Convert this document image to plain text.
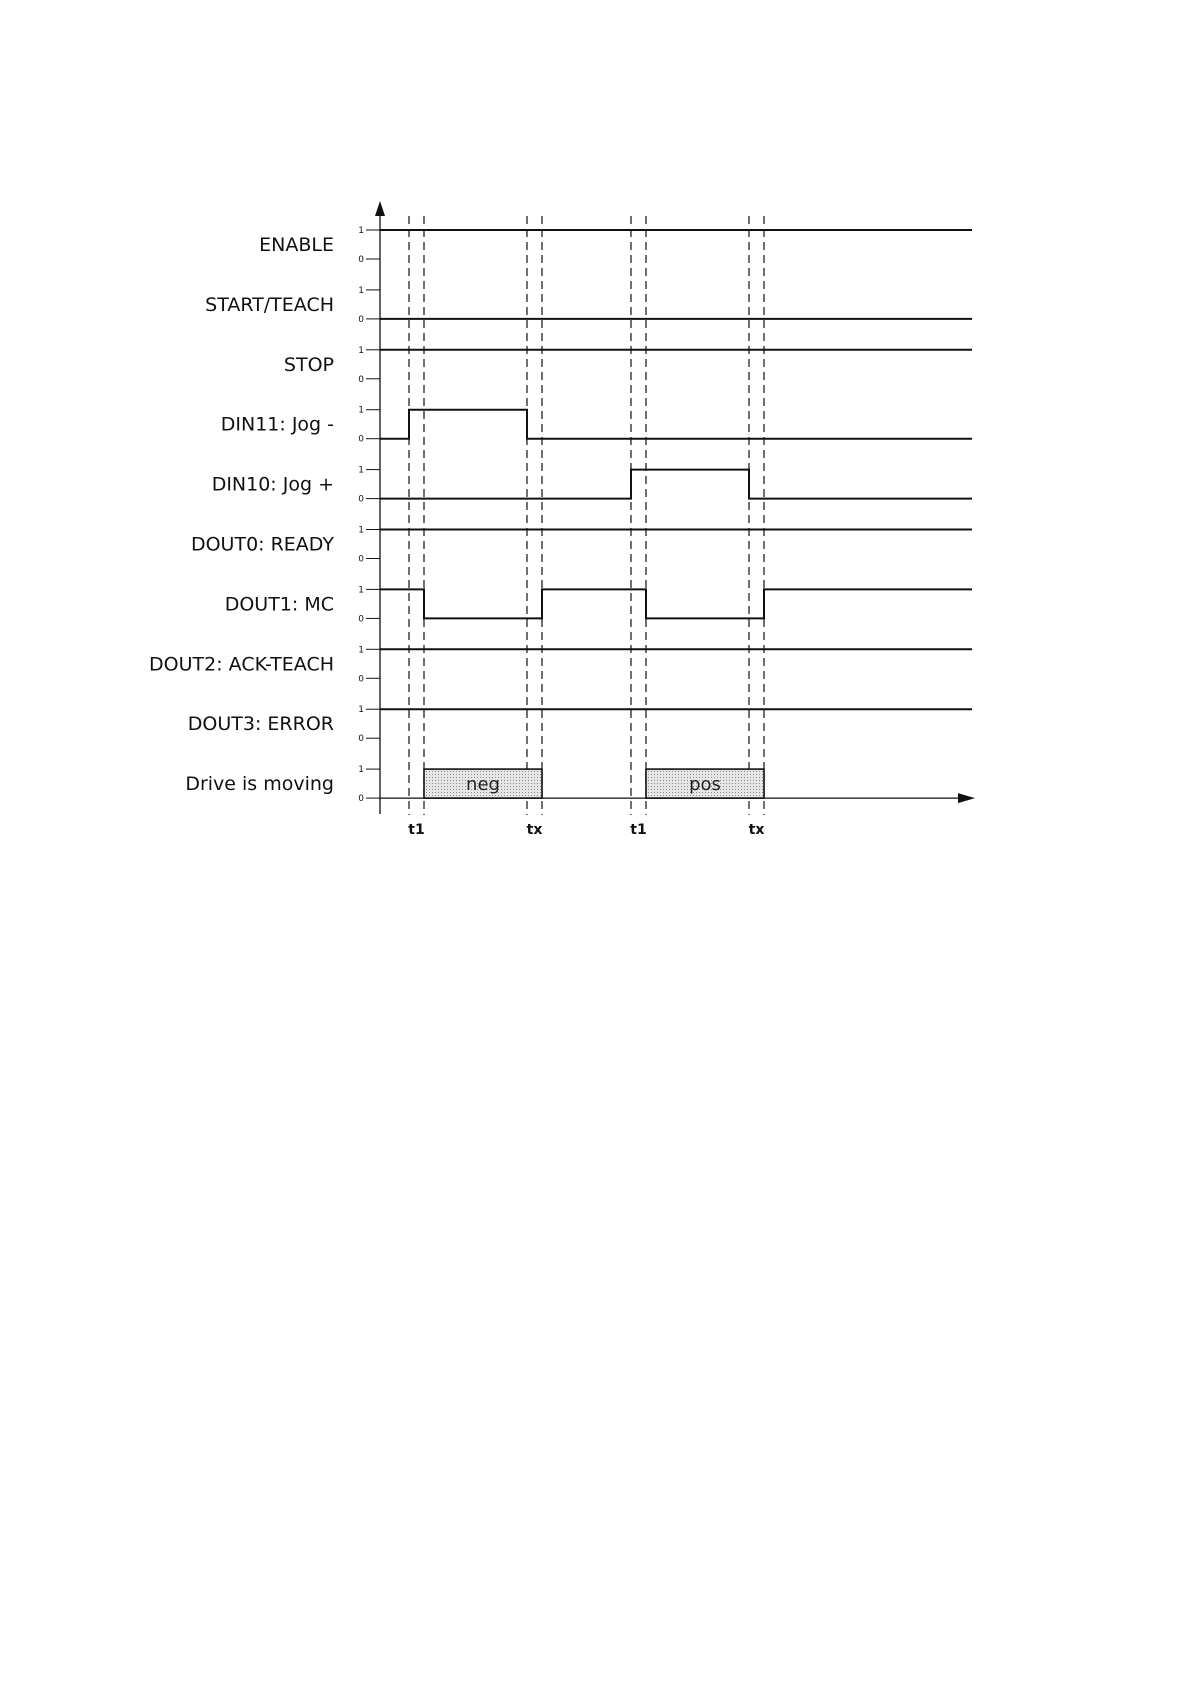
1
0
ENABLE
1
0
START/TEACH
1
0
STOP
1
0
DIN11: Jog -
1
0
DIN10: Jog +
1
0
DOUT0: READY
1
0
DOUT1: MC
1
0
DOUT2: ACK-TEACH
1
0
DOUT3: ERROR
1
0
Drive is moving	neg	pos
t1	tx	t1	tx
